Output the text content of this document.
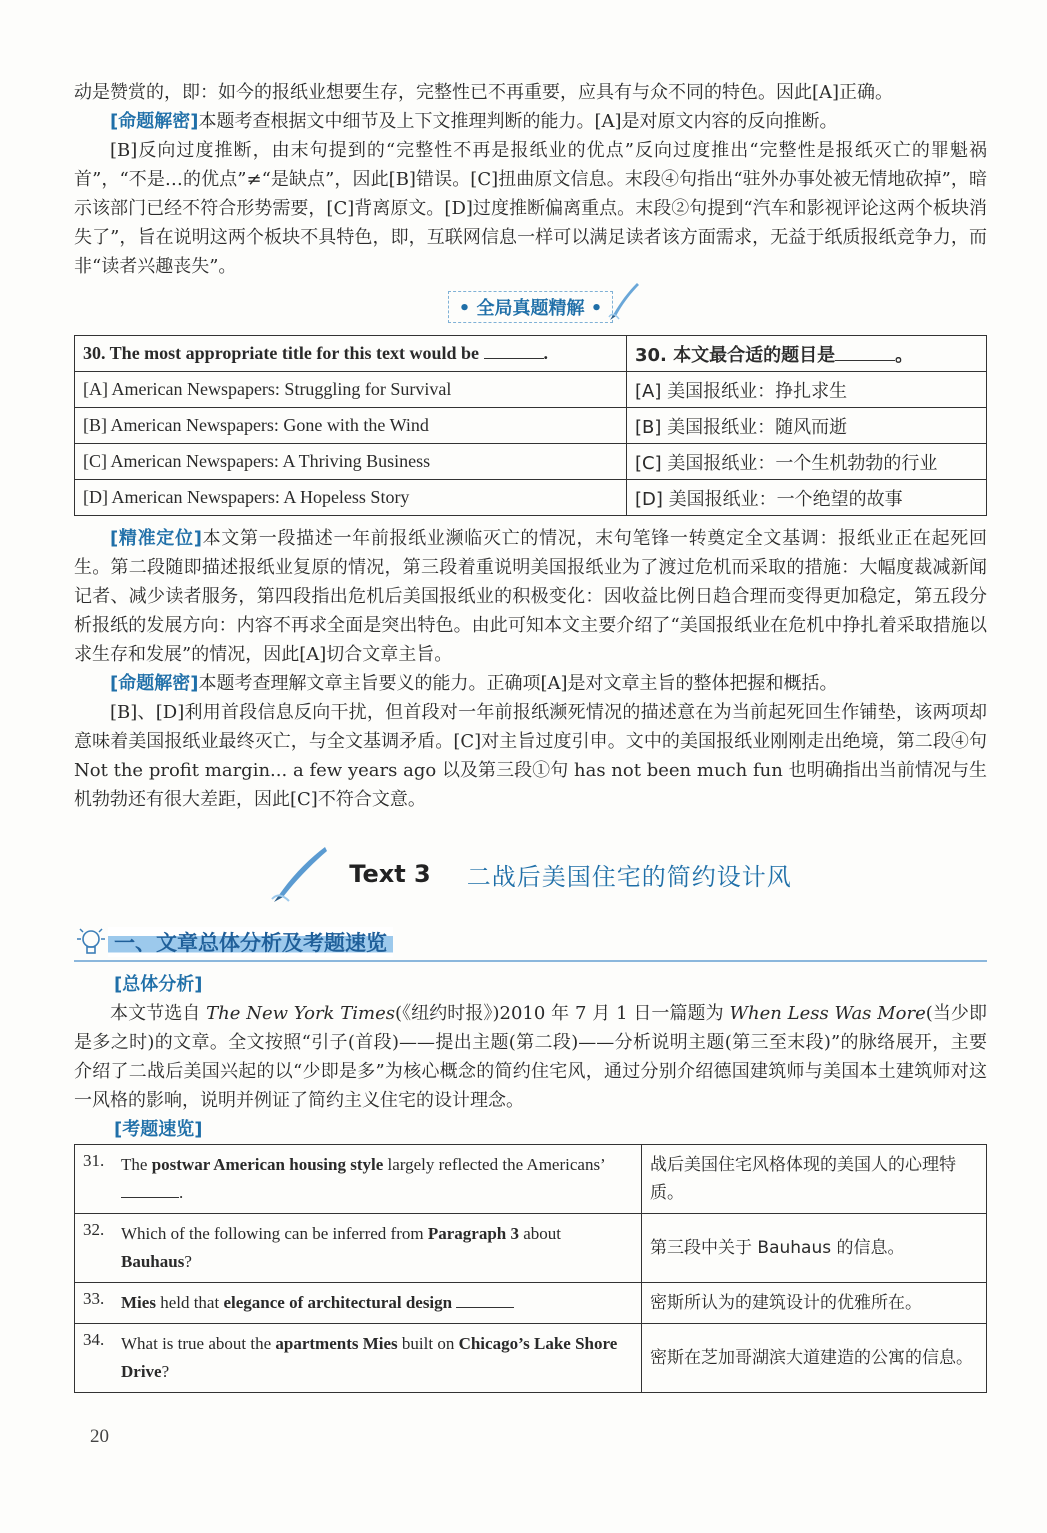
动是赞赏的，即：如今的报纸业想要生存，完整性已不再重要，应具有与众不同的特色。因此[A]正确。

[命题解密]本题考查根据文中细节及上下文推理判断的能力。[A]是对原文内容的反向推断。

[B]反向过度推断，由末句提到的“完整性不再是报纸业的优点”反向过度推出“完整性是报纸灭亡的罪魁祸首”，“不是…的优点”≠“是缺点”，因此[B]错误。[C]扭曲原文信息。末段④句指出“驻外办事处被无情地砍掉”，暗示该部门已经不符合形势需要，[C]背离原文。[D]过度推断偏离重点。末段②句提到“汽车和影视评论这两个板块消失了”，旨在说明这两个板块不具特色，即，互联网信息一样可以满足读者该方面需求，无益于纸质报纸竞争力，而非“读者兴趣丧失”。

• 全局真题精解 •
30. The most appropriate title for this text would be .	30. 本文最合适的题目是 。
[A] American Newspapers: Struggling for Survival	[A] 美国报纸业：挣扎求生
[B] American Newspapers: Gone with the Wind	[B] 美国报纸业：随风而逝
[C] American Newspapers: A Thriving Business	[C] 美国报纸业：一个生机勃勃的行业
[D] American Newspapers: A Hopeless Story	[D] 美国报纸业：一个绝望的故事

[精准定位]本文第一段描述一年前报纸业濒临灭亡的情况，末句笔锋一转奠定全文基调：报纸业正在起死回生。第二段随即描述报纸业复原的情况，第三段着重说明美国报纸业为了渡过危机而采取的措施：大幅度裁减新闻记者、减少读者服务，第四段指出危机后美国报纸业的积极变化：因收益比例日趋合理而变得更加稳定，第五段分析报纸的发展方向：内容不再求全面是突出特色。由此可知本文主要介绍了“美国报纸业在危机中挣扎着采取措施以求生存和发展”的情况，因此[A]切合文章主旨。

[命题解密]本题考查理解文章主旨要义的能力。正确项[A]是对文章主旨的整体把握和概括。

[B]、[D]利用首段信息反向干扰，但首段对一年前报纸濒死情况的描述意在为当前起死回生作铺垫，该两项却意味着美国报纸业最终灭亡，与全文基调矛盾。[C]对主旨过度引申。文中的美国报纸业刚刚走出绝境，第二段④句 Not the profit margin... a few years ago 以及第三段①句 has not been much fun 也明确指出当前情况与生机勃勃还有很大差距，因此[C]不符合文意。

Text 3 二战后美国住宅的简约设计风
一、文章总体分析及考题速览

[总体分析]

本文节选自 The New York Times(《纽约时报》)2010 年 7 月 1 日一篇题为 When Less Was More(当少即是多之时)的文章。全文按照“引子(首段)——提出主题(第二段)——分析说明主题(第三至末段)”的脉络展开，主要介绍了二战后美国兴起的以“少即是多”为核心概念的简约住宅风，通过分别介绍德国建筑师与美国本土建筑师对这一风格的影响，说明并例证了简约主义住宅的设计理念。

[考题速览]

31. The postwar American housing style largely reflected the Americans’ .	战后美国住宅风格体现的美国人的心理特质。
32. Which of the following can be inferred from Paragraph 3 about Bauhaus?	第三段中关于 Bauhaus 的信息。
33. Mies held that elegance of architectural design	密斯所认为的建筑设计的优雅所在。
34. What is true about the apartments Mies built on Chicago’s Lake Shore Drive?	密斯在芝加哥湖滨大道建造的公寓的信息。
20
